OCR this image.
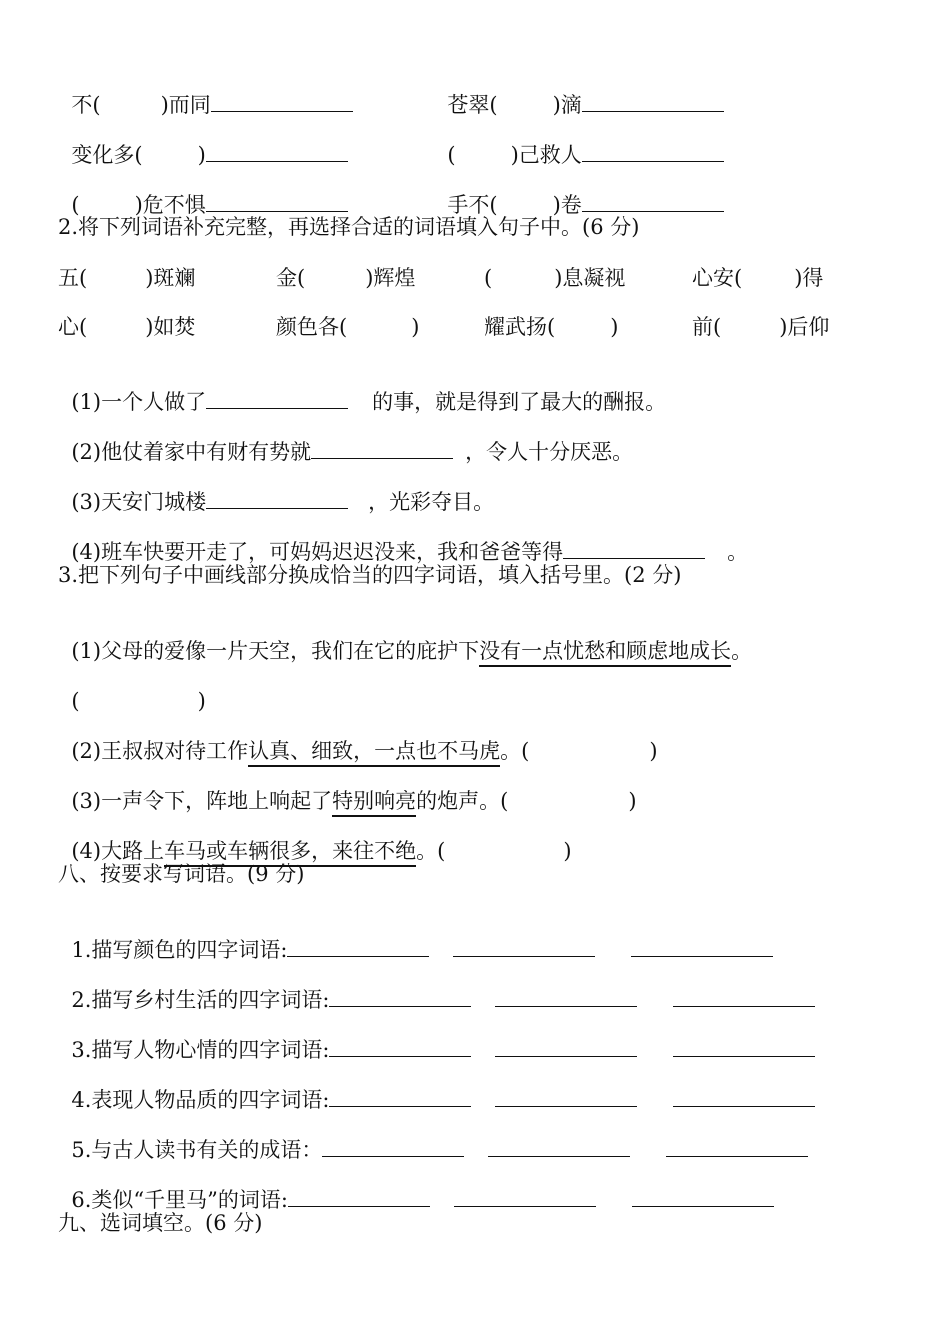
不(	)而同	苍翠(	)滴

变化多(	)	(	)己救人

(	)危不惧	手不(	)卷

2.将下列词语补充完整，再选择合适的词语填入句子中。(6 分)
五(	)斑斓	金(	)辉煌	(	)息凝视	心安( )得
心(	)如焚	颜色各(	)	耀武扬(	)	前(	)后仰

(1)一个人做了	的事，就是得到了最大的酬报。

(2)他仗着家中有财有势就	，令人十分厌恶。

(3)天安门城楼	，光彩夺目。

(4)班车快要开走了，可妈妈迟迟没来，我和爸爸等得	。

3.把下列句子中画线部分换成恰当的四字词语，填入括号里。(2 分)

(1)父母的爱像一片天空，我们在它的庇护下没有一点忧愁和顾虑地成长。

(	)

(2)王叔叔对待工作认真、细致，一点也不马虎。(	)

(3)一声令下，阵地上响起了特别响亮的炮声。(	)

(4)大路上车马或车辆很多，来往不绝。(	)

八、按要求写词语。(9 分)

1.描写颜色的四字词语:

2.描写乡村生活的四字词语:

3.描写人物心情的四字词语:

4.表现人物品质的四字词语:

5.与古人读书有关的成语：

6.类似“千里马”的词语:

九、选词填空。(6 分)
